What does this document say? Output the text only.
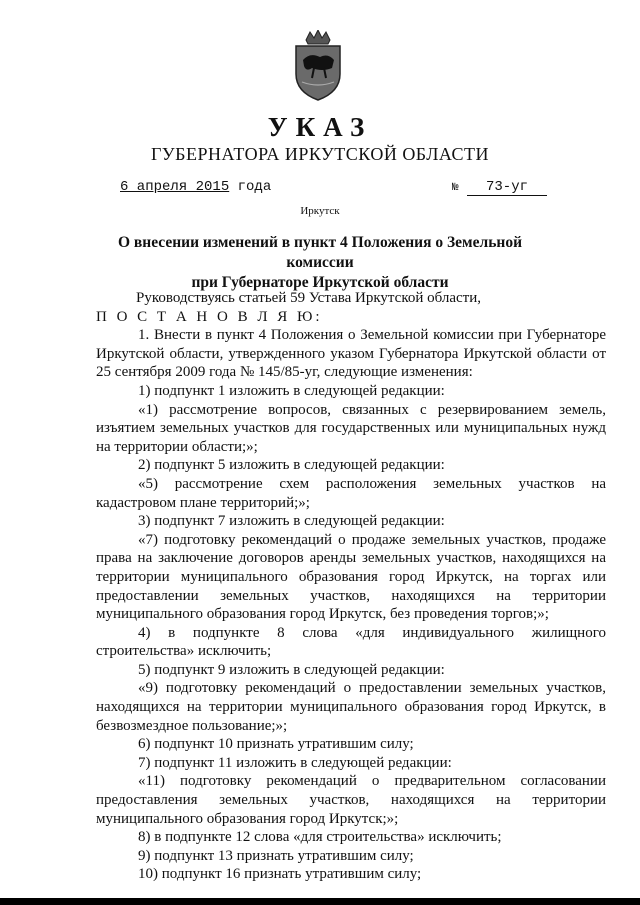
УКАЗ
ГУБЕРНАТОРА ИРКУТСКОЙ ОБЛАСТИ
6 апреля 2015 года	№ 73-уг
Иркутск
О внесении изменений в пункт 4 Положения о Земельной комиссии
при Губернаторе Иркутской области

Руководствуясь статьей 59 Устава Иркутской области,

П О С Т А Н О В Л Я Ю:

1. Внести в пункт 4 Положения о Земельной комиссии при Губернаторе Иркутской области, утвержденного указом Губернатора Иркутской области от 25 сентября 2009 года № 145/85-уг, следующие изменения:

1) подпункт 1 изложить в следующей редакции:

«1) рассмотрение вопросов, связанных с резервированием земель, изъятием земельных участков для государственных или муниципальных нужд на территории области;»;

2) подпункт 5 изложить в следующей редакции:

«5) рассмотрение схем расположения земельных участков на кадастровом плане территорий;»;

3) подпункт 7 изложить в следующей редакции:

«7) подготовку рекомендаций о продаже земельных участков, продаже права на заключение договоров аренды земельных участков, находящихся на территории муниципального образования город Иркутск, на торгах или предоставлении земельных участков, находящихся на территории муниципального образования город Иркутск, без проведения торгов;»;

4) в подпункте 8 слова «для индивидуального жилищного строительства» исключить;

5) подпункт 9 изложить в следующей редакции:

«9) подготовку рекомендаций о предоставлении земельных участков, находящихся на территории муниципального образования город Иркутск, в безвозмездное пользование;»;

6) подпункт 10 признать утратившим силу;

7) подпункт 11 изложить в следующей редакции:

«11) подготовку рекомендаций о предварительном согласовании предоставления земельных участков, находящихся на территории муниципального образования город Иркутск;»;

8) в подпункте 12 слова «для строительства» исключить;

9) подпункт 13 признать утратившим силу;

10) подпункт 16 признать утратившим силу;
